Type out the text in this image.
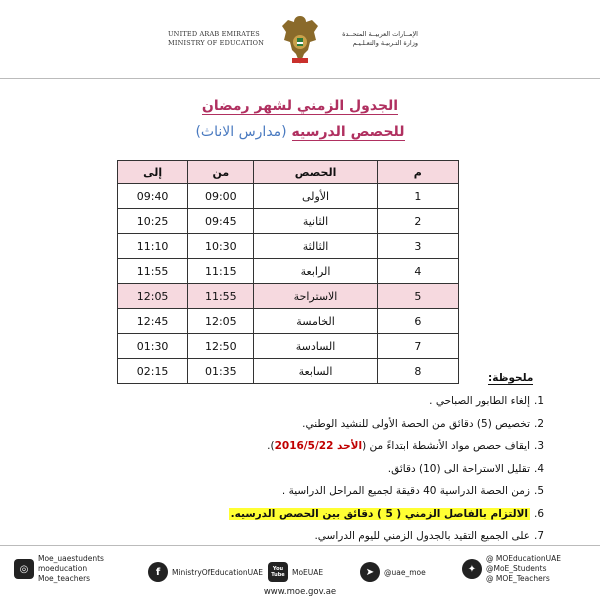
UNITED ARAB EMIRATES
MINISTRY OF EDUCATION
الإمــارات العربيــة المتحــدة
وزارة التـربيـة والتعـلـيـم
الجدول الزمني لشهر رمضان
للحصص الدرسيه (مدارس الاناث)
م	الحصص	من	إلى
1	الأولى	09:00	09:40
2	الثانية	09:45	10:25
3	الثالثة	10:30	11:10
4	الرابعة	11:15	11:55
5	الاستراحة	11:55	12:05
6	الخامسة	12:05	12:45
7	السادسة	12:50	01:30
8	السابعة	01:35	02:15
ملحوظة:
1.إلغاء الطابور الصباحي .
2.تخصيص (5) دقائق من الحصة الأولى للنشيد الوطني.
3.ايقاف حصص مواد الأنشطة ابتداءً من (الأحد 2016/5/22).
4.تقليل الاستراحة الى (10) دقائق.
5.زمن الحصة الدراسية 40 دقيقة لجميع المراحل الدراسية .
6.الالتزام بالفاصل الزمني ( 5 ) دقائق بين الحصص الدرسيه.
7.على الجميع التقيد بالجدول الزمني لليوم الدراسي.
◎
Moe_uaestudents
moeducation
Moe_teachers
f	MinistryOfEducationUAE	You Tube MoEUAE	➤	@uae_moe	✦
@ MOEducationUAE
@MoE_Students
@ MOE_Teachers
www.moe.gov.ae
